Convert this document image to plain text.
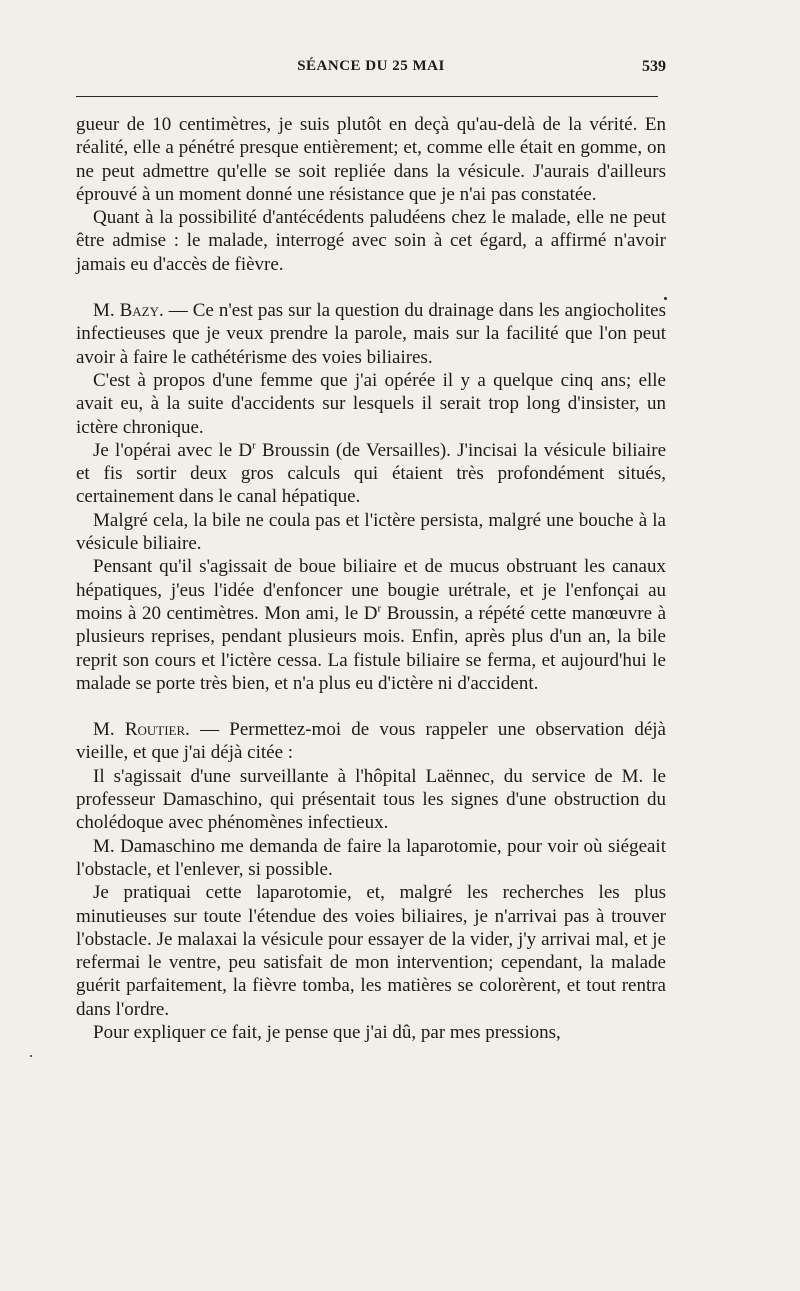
SÉANCE DU 25 MAI	539

gueur de 10 centimètres, je suis plutôt en deçà qu'au-delà de la vérité. En réalité, elle a pénétré presque entièrement; et, comme elle était en gomme, on ne peut admettre qu'elle se soit repliée dans la vésicule. J'aurais d'ailleurs éprouvé à un moment donné une résistance que je n'ai pas constatée.

Quant à la possibilité d'antécédents paludéens chez le malade, elle ne peut être admise : le malade, interrogé avec soin à cet égard, a affirmé n'avoir jamais eu d'accès de fièvre.

M. Bazy. — Ce n'est pas sur la question du drainage dans les angiocholites infectieuses que je veux prendre la parole, mais sur la facilité que l'on peut avoir à faire le cathétérisme des voies biliaires.

C'est à propos d'une femme que j'ai opérée il y a quelque cinq ans; elle avait eu, à la suite d'accidents sur lesquels il serait trop long d'insister, un ictère chronique.

Je l'opérai avec le $D^r$ Broussin (de Versailles). J'incisai la vésicule biliaire et fis sortir deux gros calculs qui étaient très profondément situés, certainement dans le canal hépatique.

Malgré cela, la bile ne coula pas et l'ictère persista, malgré une bouche à la vésicule biliaire.

Pensant qu'il s'agissait de boue biliaire et de mucus obstruant les canaux hépatiques, j'eus l'idée d'enfoncer une bougie urétrale, et je l'enfonçai au moins à 20 centimètres. Mon ami, le $D^r$ Broussin, a répété cette manœuvre à plusieurs reprises, pendant plusieurs mois. Enfin, après plus d'un an, la bile reprit son cours et l'ictère cessa. La fistule biliaire se ferma, et aujourd'hui le malade se porte très bien, et n'a plus eu d'ictère ni d'accident.

M. Routier. — Permettez-moi de vous rappeler une observation déjà vieille, et que j'ai déjà citée :

Il s'agissait d'une surveillante à l'hôpital Laënnec, du service de M. le professeur Damaschino, qui présentait tous les signes d'une obstruction du cholédoque avec phénomènes infectieux.

M. Damaschino me demanda de faire la laparotomie, pour voir où siégeait l'obstacle, et l'enlever, si possible.

Je pratiquai cette laparotomie, et, malgré les recherches les plus minutieuses sur toute l'étendue des voies biliaires, je n'arrivai pas à trouver l'obstacle. Je malaxai la vésicule pour essayer de la vider, j'y arrivai mal, et je refermai le ventre, peu satisfait de mon intervention; cependant, la malade guérit parfaitement, la fièvre tomba, les matières se colorèrent, et tout rentra dans l'ordre.

Pour expliquer ce fait, je pense que j'ai dû, par mes pressions,
